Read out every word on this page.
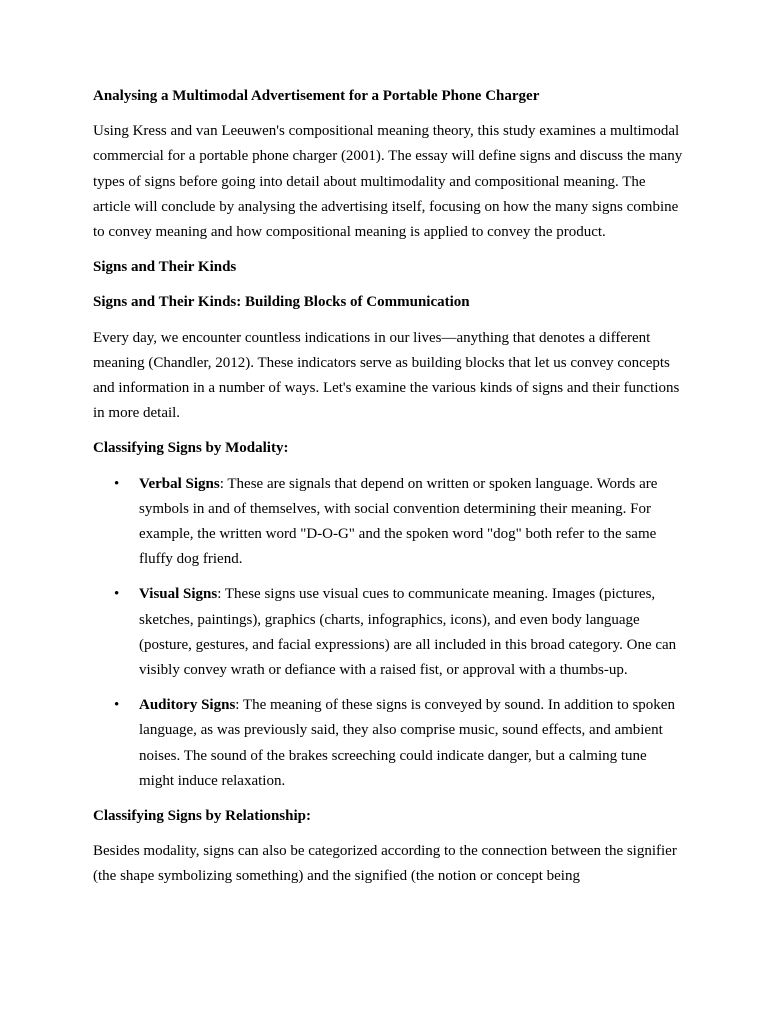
Analysing a Multimodal Advertisement for a Portable Phone Charger

Using Kress and van Leeuwen's compositional meaning theory, this study examines a multimodal commercial for a portable phone charger (2001). The essay will define signs and discuss the many types of signs before going into detail about multimodality and compositional meaning. The article will conclude by analysing the advertising itself, focusing on how the many signs combine to convey meaning and how compositional meaning is applied to convey the product.

Signs and Their Kinds

Signs and Their Kinds: Building Blocks of Communication

Every day, we encounter countless indications in our lives—anything that denotes a different meaning (Chandler, 2012). These indicators serve as building blocks that let us convey concepts and information in a number of ways. Let's examine the various kinds of signs and their functions in more detail.

Classifying Signs by Modality:

• Verbal Signs: These are signals that depend on written or spoken language. Words are symbols in and of themselves, with social convention determining their meaning. For example, the written word "D-O-G" and the spoken word "dog" both refer to the same fluffy dog friend.
• Visual Signs: These signs use visual cues to communicate meaning. Images (pictures, sketches, paintings), graphics (charts, infographics, icons), and even body language (posture, gestures, and facial expressions) are all included in this broad category. One can visibly convey wrath or defiance with a raised fist, or approval with a thumbs-up.
• Auditory Signs: The meaning of these signs is conveyed by sound. In addition to spoken language, as was previously said, they also comprise music, sound effects, and ambient noises. The sound of the brakes screeching could indicate danger, but a calming tune might induce relaxation.

Classifying Signs by Relationship:

Besides modality, signs can also be categorized according to the connection between the signifier (the shape symbolizing something) and the signified (the notion or concept being
